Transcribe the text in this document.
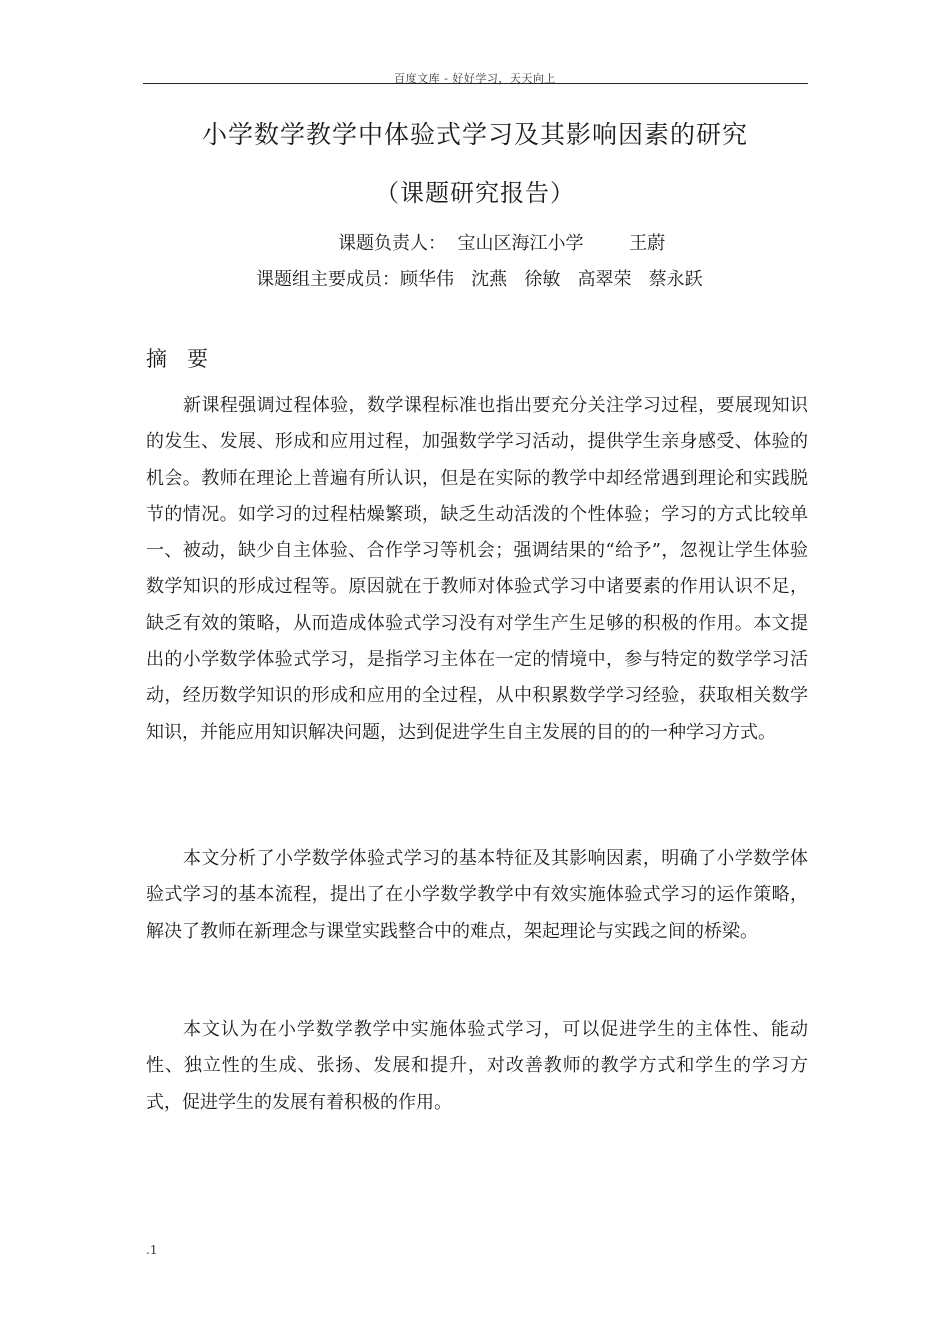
百度文库 - 好好学习，天天向上
小学数学教学中体验式学习及其影响因素的研究
（课题研究报告）
课题负责人：  宝山区海江小学        王蔚
课题组主要成员：顾华伟   沈燕   徐敏   高翠荣   蔡永跃
摘   要

新课程强调过程体验，数学课程标准也指出要充分关注学习过程，要展现知识的发生、发展、形成和应用过程，加强数学学习活动，提供学生亲身感受、体验的机会。教师在理论上普遍有所认识，但是在实际的教学中却经常遇到理论和实践脱节的情况。如学习的过程枯燥繁琐，缺乏生动活泼的个性体验；学习的方式比较单一、被动，缺少自主体验、合作学习等机会；强调结果的“给予”，忽视让学生体验数学知识的形成过程等。原因就在于教师对体验式学习中诸要素的作用认识不足，缺乏有效的策略，从而造成体验式学习没有对学生产生足够的积极的作用。本文提出的小学数学体验式学习，是指学习主体在一定的情境中，参与特定的数学学习活动，经历数学知识的形成和应用的全过程，从中积累数学学习经验，获取相关数学知识，并能应用知识解决问题，达到促进学生自主发展的目的的一种学习方式。

本文分析了小学数学体验式学习的基本特征及其影响因素，明确了小学数学体验式学习的基本流程，提出了在小学数学教学中有效实施体验式学习的运作策略，解决了教师在新理念与课堂实践整合中的难点，架起理论与实践之间的桥梁。

本文认为在小学数学教学中实施体验式学习，可以促进学生的主体性、能动性、独立性的生成、张扬、发展和提升，对改善教师的教学方式和学生的学习方式，促进学生的发展有着积极的作用。

.1
